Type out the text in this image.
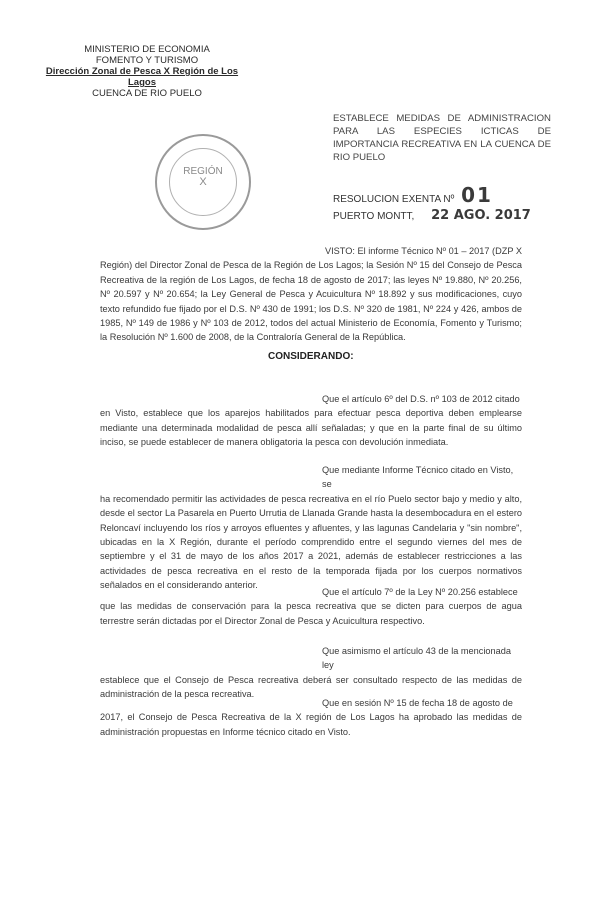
MINISTERIO DE ECONOMIA
FOMENTO Y TURISMO
Dirección Zonal de Pesca X Región de Los Lagos
CUENCA DE RIO PUELO
ESTABLECE MEDIDAS DE ADMINISTRACION PARA LAS ESPECIES ICTICAS DE IMPORTANCIA RECREATIVA EN LA CUENCA DE RIO PUELO
REGIÓN
X
RESOLUCION EXENTA Nº 01
PUERTO MONTT, 22 AGO. 2017
VISTO: El informe Técnico Nº 01 – 2017 (DZP X Región) del Director Zonal de Pesca de la Región de Los Lagos; la Sesión Nº 15 del Consejo de Pesca Recreativa de la región de Los Lagos, de fecha 18 de agosto de 2017; las leyes Nº 19.880, Nº 20.256, Nº 20.597 y Nº 20.654; la Ley General de Pesca y Acuicultura Nº 18.892 y sus modificaciones, cuyo texto refundido fue fijado por el D.S. Nº 430 de 1991; los D.S. Nº 320 de 1981, Nº 224 y 426, ambos de 1985, Nº 149 de 1986 y Nº 103 de 2012, todos del actual Ministerio de Economía, Fomento y Turismo; la Resolución Nº 1.600 de 2008, de la Contraloría General de la República.
CONSIDERANDO:
Que el artículo 6º del D.S. nº 103 de 2012 citado
en Visto, establece que los aparejos habilitados para efectuar pesca deportiva deben emplearse mediante una determinada modalidad de pesca allí señaladas; y que en la parte final de su último inciso, se puede establecer de manera obligatoria la pesca con devolución inmediata.
Que mediante Informe Técnico citado en Visto, se
ha recomendado permitir las actividades de pesca recreativa en el río Puelo sector bajo y medio y alto, desde el sector La Pasarela en Puerto Urrutia de Llanada Grande hasta la desembocadura en el estero Reloncaví incluyendo los ríos y arroyos efluentes y afluentes, y las lagunas Candelaria y "sin nombre", ubicadas en la X Región, durante el período comprendido entre el segundo viernes del mes de septiembre y el 31 de mayo de los años 2017 a 2021, además de establecer restricciones a las actividades de pesca recreativa en el resto de la temporada fijada por los cuerpos normativos señalados en el considerando anterior.
Que el artículo 7º de la Ley Nº 20.256 establece
que las medidas de conservación para la pesca recreativa que se dicten para cuerpos de agua terrestre serán dictadas por el Director Zonal de Pesca y Acuicultura respectivo.
Que asimismo el artículo 43 de la mencionada ley
establece que el Consejo de Pesca recreativa deberá ser consultado respecto de las medidas de administración de la pesca recreativa.
Que en sesión Nº 15 de fecha 18 de agosto de
2017, el Consejo de Pesca Recreativa de la X región de Los Lagos ha aprobado las medidas de administración propuestas en Informe técnico citado en Visto.
